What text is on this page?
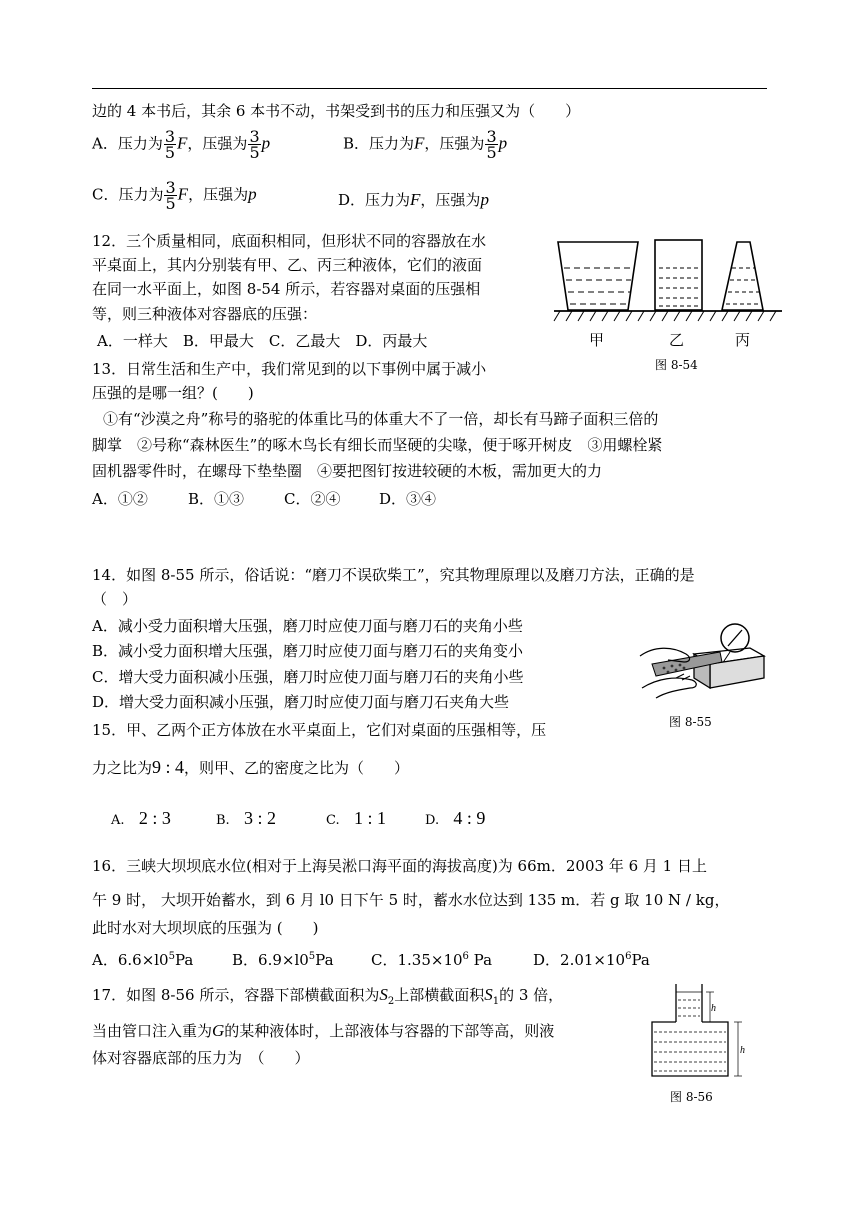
边的 4 本书后，其余 6 本书不动，书架受到书的压力和压强又为（　　）
A．压力为 $\frac{3}{5}$ F，压强为 $\frac{3}{5}$ p	B．压力为F，压强为 $\frac{3}{5}$ p
C．压力为 $\frac{3}{5}$ F，压强为p	D．压力为F，压强为p
12．三个质量相同，底面积相同，但形状不同的容器放在水
平桌面上，其内分别装有甲、乙、丙三种液体，它们的液面
在同一水平面上，如图 8-54 所示，若容器对桌面的压强相
等，则三种液体对容器底的压强：
A．一样大　B．甲最大　C．乙最大　D．丙最大	甲	乙	丙
图 8-54
13．日常生活和生产中，我们常见到的以下事例中属于减小
压强的是哪一组？(　　)
①有“沙漠之舟”称号的骆驼的体重比马的体重大不了一倍，却长有马蹄子面积三倍的
脚掌　②号称“森林医生”的啄木鸟长有细长而坚硬的尖喙，便于啄开树皮　③用螺栓紧
固机器零件时，在螺母下垫垫圈　④要把图钉按进较硬的木板，需加更大的力
A．①②	B．①③	C．②④	D．③④
14．如图 8-55 所示，俗话说：“磨刀不误砍柴工”，究其物理原理以及磨刀方法，正确的是
（　）
A．减小受力面积增大压强，磨刀时应使刀面与磨刀石的夹角小些
B．减小受力面积增大压强，磨刀时应使刀面与磨刀石的夹角变小
C．增大受力面积减小压强，磨刀时应使刀面与磨刀石的夹角小些
D．增大受力面积减小压强，磨刀时应使刀面与磨刀石夹角大些
图 8-55
15．甲、乙两个正方体放在水平桌面上，它们对桌面的压强相等，压
力之比为9 : 4，则甲、乙的密度之比为（　　）
A. 2 : 3	B. 3 : 2	C. 1 : 1	D. 4 : 9
16．三峡大坝坝底水位(相对于上海吴淞口海平面的海拔高度)为 66m．2003 年 6 月 1 日上
午 9 时， 大坝开始蓄水，到 6 月 l0 日下午 5 时，蓄水水位达到 135 m．若 g 取 10 N / kg，
此时水对大坝坝底的压强为 (　　)
A．$6.6\times l0^5Pa$	B．$6.9\times l0^5Pa$ C．$1.35\times 10^6$ Pa	D．$2.01\times 10^6Pa$
17．如图 8-56 所示，容器下部横截面积为$S_2$上部横截面积$S_1$的 3 倍，
当由管口注入重为G的某种液体时，上部液体与容器的下部等高，则液
体对容器底部的压力为　（　　）
h
h
图 8-56
